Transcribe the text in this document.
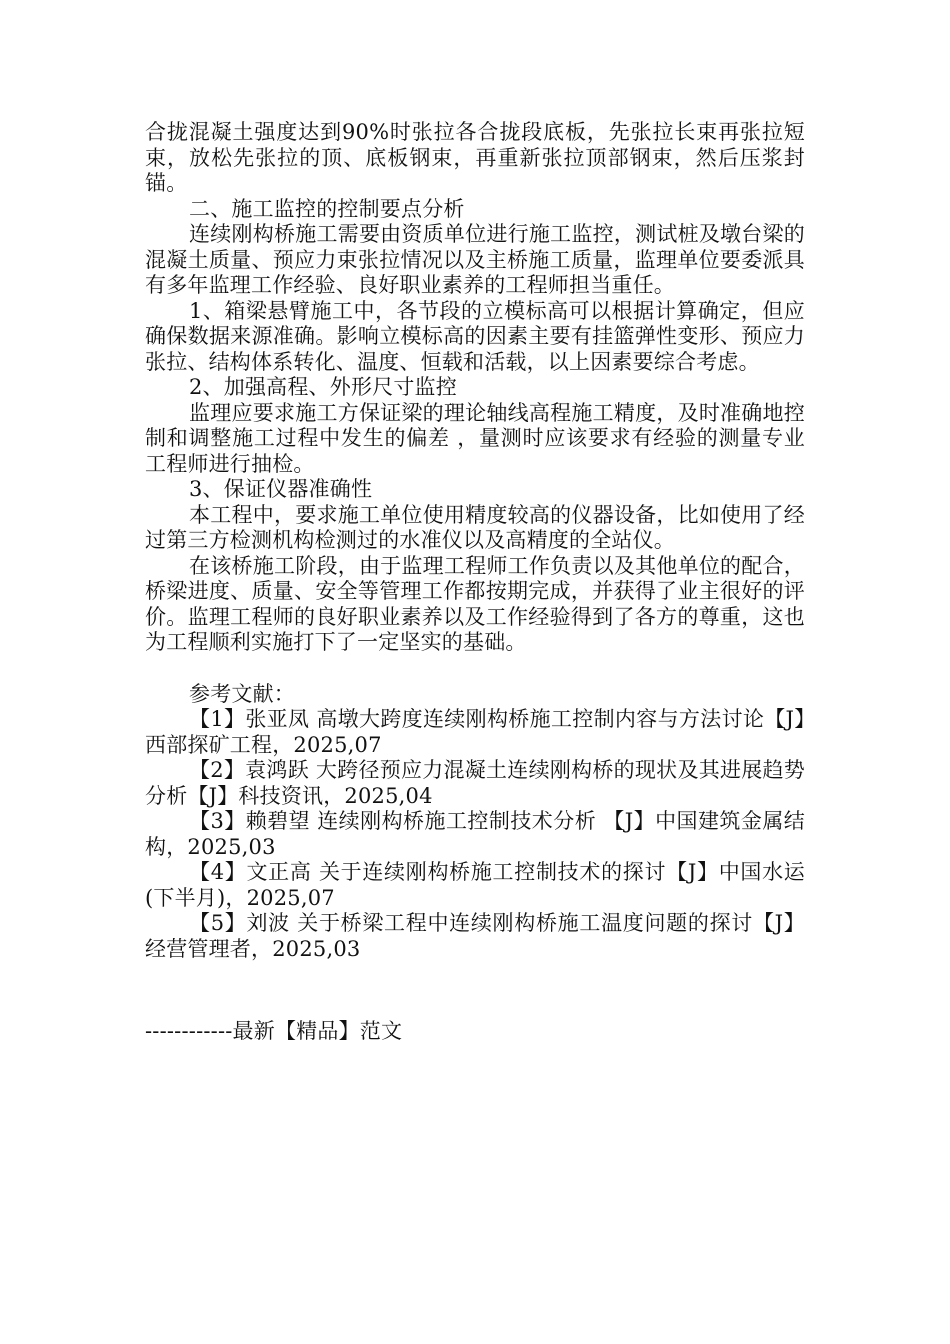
合拢混凝土强度达到90%时张拉各合拢段底板，先张拉长束再张拉短束，放松先张拉的顶、底板钢束，再重新张拉顶部钢束，然后压浆封锚。

二、施工监控的控制要点分析

连续刚构桥施工需要由资质单位进行施工监控，测试桩及墩台梁的混凝土质量、预应力束张拉情况以及主桥施工质量，监理单位要委派具有多年监理工作经验、良好职业素养的工程师担当重任。

1、箱梁悬臂施工中，各节段的立模标高可以根据计算确定，但应确保数据来源准确。影响立模标高的因素主要有挂篮弹性变形、预应力张拉、结构体系转化、温度、恒载和活载，以上因素要综合考虑。

2、加强高程、外形尺寸监控

监理应要求施工方保证梁的理论轴线高程施工精度，及时准确地控制和调整施工过程中发生的偏差 ，量测时应该要求有经验的测量专业工程师进行抽检。

3、保证仪器准确性

本工程中，要求施工单位使用精度较高的仪器设备，比如使用了经过第三方检测机构检测过的水准仪以及高精度的全站仪。

在该桥施工阶段，由于监理工程师工作负责以及其他单位的配合，桥梁进度、质量、安全等管理工作都按期完成，并获得了业主很好的评价。监理工程师的良好职业素养以及工作经验得到了各方的尊重，这也为工程顺利实施打下了一定坚实的基础。

参考文献：

【1】张亚凤 高墩大跨度连续刚构桥施工控制内容与方法讨论【J】西部探矿工程，2025,07

【2】袁鸿跃 大跨径预应力混凝土连续刚构桥的现状及其进展趋势分析【J】科技资讯，2025,04

【3】赖碧望 连续刚构桥施工控制技术分析 【J】中国建筑金属结构，2025,03

【4】文正高 关于连续刚构桥施工控制技术的探讨【J】中国水运(下半月)，2025,07

【5】刘波 关于桥梁工程中连续刚构桥施工温度问题的探讨【J】经营管理者，2025,03

------------最新【精品】范文
